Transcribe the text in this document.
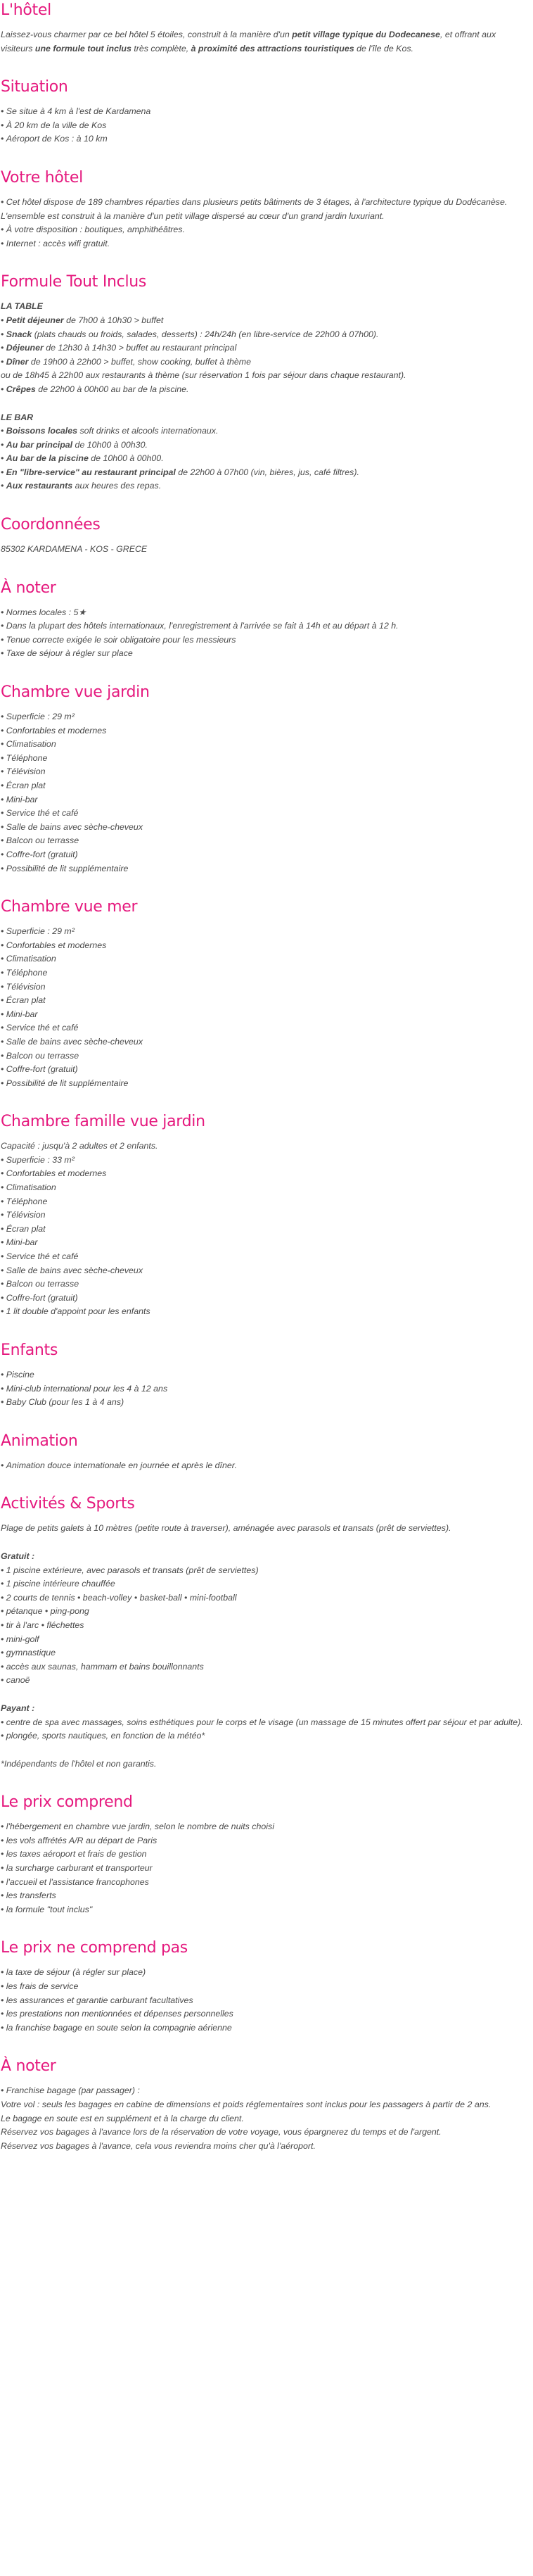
L'hôtel

Laissez-vous charmer par ce bel hôtel 5 étoiles, construit à la manière d'un petit village typique du Dodecanese, et offrant aux visiteurs une formule tout inclus très complète, à proximité des attractions touristiques de l'île de Kos.

Situation
• Se situe à 4 km à l'est de Kardamena
• À 20 km de la ville de Kos
• Aéroport de Kos : à 10 km
Votre hôtel
• Cet hôtel dispose de 189 chambres réparties dans plusieurs petits bâtiments de 3 étages, à l'architecture typique du Dodécanèse. L'ensemble est construit à la manière d'un petit village dispersé au cœur d'un grand jardin luxuriant.
• À votre disposition : boutiques, amphithéâtres.
• Internet : accès wifi gratuit.
Formule Tout Inclus

LA TABLE

• Petit déjeuner de 7h00 à 10h30 > buffet
• Snack (plats chauds ou froids, salades, desserts) : 24h/24h (en libre-service de 22h00 à 07h00).
• Déjeuner de 12h30 à 14h30 > buffet au restaurant principal
• Dîner de 19h00 à 22h00 > buffet, show cooking, buffet à thème

ou de 18h45 à 22h00 aux restaurants à thème (sur réservation 1 fois par séjour dans chaque restaurant).

• Crêpes de 22h00 à 00h00 au bar de la piscine.

LE BAR

• Boissons locales soft drinks et alcools internationaux.
• Au bar principal de 10h00 à 00h30.
• Au bar de la piscine de 10h00 à 00h00.
• En "libre-service" au restaurant principal de 22h00 à 07h00 (vin, bières, jus, café filtres).
• Aux restaurants aux heures des repas.
Coordonnées

85302 KARDAMENA - KOS - GRECE

À noter
• Normes locales : 5★
• Dans la plupart des hôtels internationaux, l'enregistrement à l'arrivée se fait à 14h et au départ à 12 h.
• Tenue correcte exigée le soir obligatoire pour les messieurs
• Taxe de séjour à régler sur place
Chambre vue jardin
• Superficie : 29 m²
• Confortables et modernes
• Climatisation
• Téléphone
• Télévision
• Écran plat
• Mini-bar
• Service thé et café
• Salle de bains avec sèche-cheveux
• Balcon ou terrasse
• Coffre-fort (gratuit)
• Possibilité de lit supplémentaire
Chambre vue mer
• Superficie : 29 m²
• Confortables et modernes
• Climatisation
• Téléphone
• Télévision
• Écran plat
• Mini-bar
• Service thé et café
• Salle de bains avec sèche-cheveux
• Balcon ou terrasse
• Coffre-fort (gratuit)
• Possibilité de lit supplémentaire
Chambre famille vue jardin

Capacité : jusqu'à 2 adultes et 2 enfants.

• Superficie : 33 m²
• Confortables et modernes
• Climatisation
• Téléphone
• Télévision
• Écran plat
• Mini-bar
• Service thé et café
• Salle de bains avec sèche-cheveux
• Balcon ou terrasse
• Coffre-fort (gratuit)
• 1 lit double d'appoint pour les enfants
Enfants
• Piscine
• Mini-club international pour les 4 à 12 ans
• Baby Club (pour les 1 à 4 ans)
Animation
• Animation douce internationale en journée et après le dîner.
Activités & Sports

Plage de petits galets à 10 mètres (petite route à traverser), aménagée avec parasols et transats (prêt de serviettes).

Gratuit :

• 1 piscine extérieure, avec parasols et transats (prêt de serviettes)
• 1 piscine intérieure chauffée
• 2 courts de tennis • beach-volley • basket-ball • mini-football
• pétanque • ping-pong
• tir à l'arc • fléchettes
• mini-golf
• gymnastique
• accès aux saunas, hammam et bains bouillonnants
• canoë

Payant :

• centre de spa avec massages, soins esthétiques pour le corps et le visage (un massage de 15 minutes offert par séjour et par adulte).
• plongée, sports nautiques, en fonction de la météo*

*Indépendants de l'hôtel et non garantis.

Le prix comprend
• l'hébergement en chambre vue jardin, selon le nombre de nuits choisi
• les vols affrétés A/R au départ de Paris
• les taxes aéroport et frais de gestion
• la surcharge carburant et transporteur
• l'accueil et l'assistance francophones
• les transferts
• la formule "tout inclus"
Le prix ne comprend pas
• la taxe de séjour (à régler sur place)
• les frais de service
• les assurances et garantie carburant facultatives
• les prestations non mentionnées et dépenses personnelles
• la franchise bagage en soute selon la compagnie aérienne
À noter

• Franchise bagage (par passager) :

Votre vol : seuls les bagages en cabine de dimensions et poids réglementaires sont inclus pour les passagers à partir de 2 ans.

Le bagage en soute est en supplément et à la charge du client.

Réservez vos bagages à l'avance lors de la réservation de votre voyage, vous épargnerez du temps et de l'argent.

Réservez vos bagages à l'avance, cela vous reviendra moins cher qu'à l'aéroport.
